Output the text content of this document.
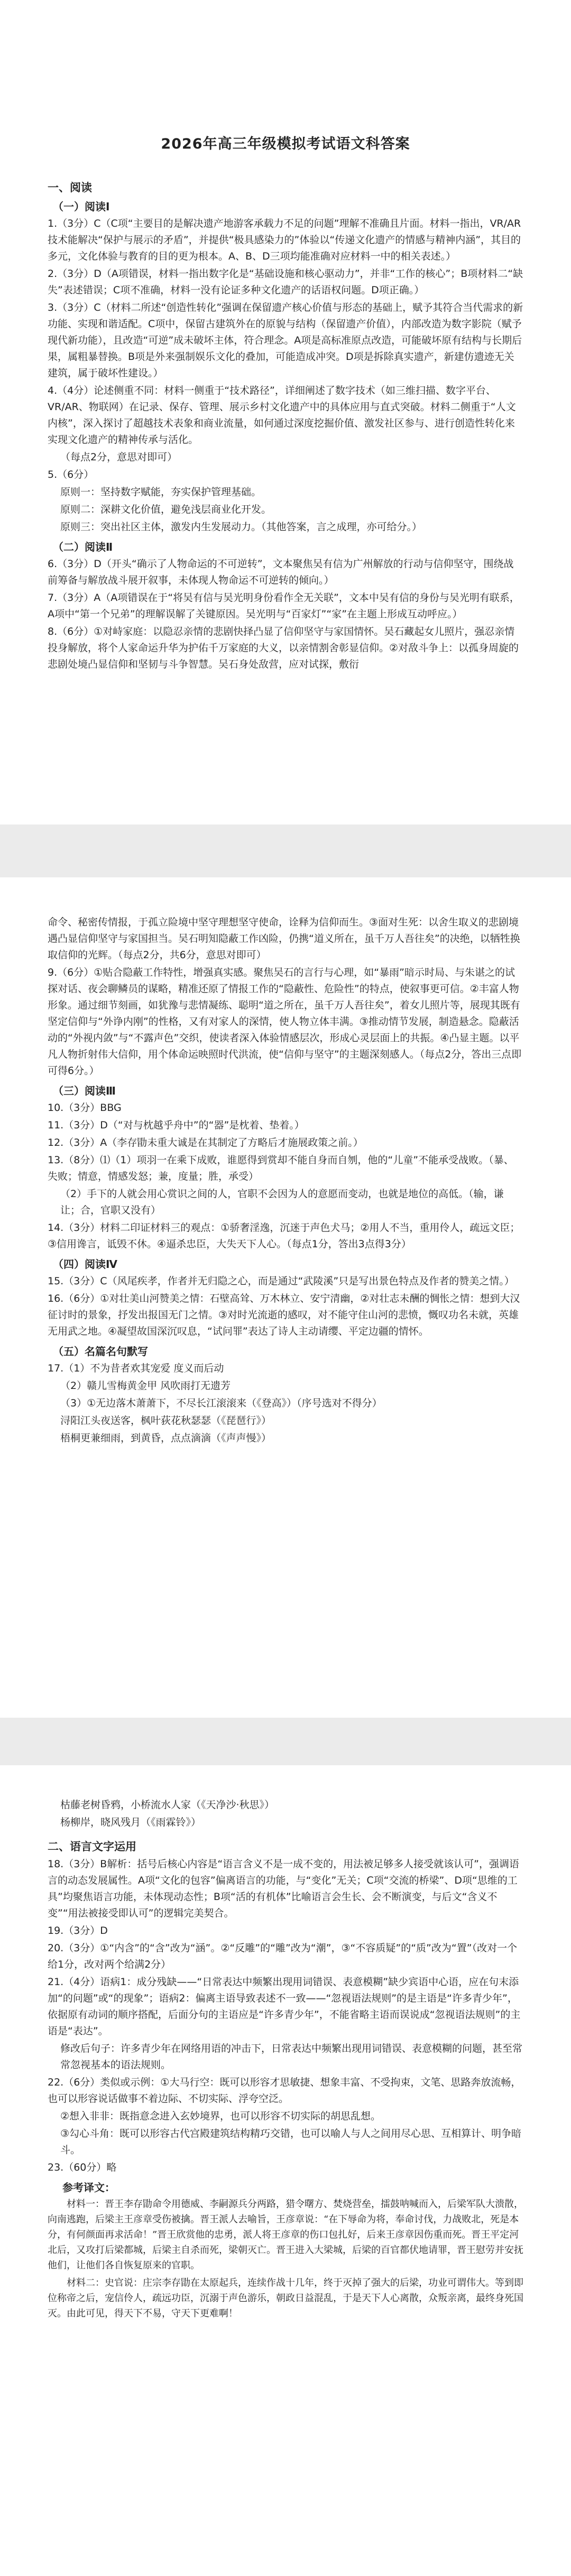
2026年高三年级模拟考试语文科答案
一、阅读
（一）阅读Ⅰ
1.（3分）C（C项“主要目的是解决遗产地游客承载力不足的问题”理解不准确且片面。材料一指出，VR/AR技术能解决“保护与展示的矛盾”，并提供“极具感染力的”体验以“传递文化遗产的情感与精神内涵”，其目的多元，文化体验与教育的目的更为根本。A、B、D三项均能准确对应材料一中的相关表述。）
2.（3分）D（A项错误，材料一指出数字化是“基础设施和核心驱动力”，并非“工作的核心”；B项材料二“缺失”表述错误；C项不准确，材料一没有论证多种文化遗产的话语权问题。D项正确。）
3.（3分）C（材料二所述“创造性转化”强调在保留遗产核心价值与形态的基础上，赋予其符合当代需求的新功能、实现和谐适配。C项中，保留古建筑外在的原貌与结构（保留遗产价值），内部改造为数字影院（赋予现代新功能），且改造“可逆”成未破坏主体，符合理念。A项是高标准原点改造，可能破坏原有结构与长期后果，属粗暴替换。B项是外来强制娱乐文化的叠加，可能造成冲突。D项是拆除真实遗产，新建仿遗迹无关建筑，属于破坏性建设。）
4.（4分）论述侧重不同：材料一侧重于“技术路径”，详细阐述了数字技术（如三维扫描、数字平台、VR/AR、物联网）在记录、保存、管理、展示乡村文化遗产中的具体应用与直式突破。材料二侧重于“人文内核”，深入探讨了超越技术表象和商业流量，如何通过深度挖掘价值、激发社区参与、进行创造性转化来实现文化遗产的精神传承与活化。
（每点2分，意思对即可）
5.（6分）
原则一：坚持数字赋能，夯实保护管理基础。
原则二：深耕文化价值，避免浅层商业化开发。
原则三：突出社区主体，激发内生发展动力。（其他答案，言之成理，亦可给分。）
（二）阅读Ⅱ
6.（3分）D（开头“确示了人物命运的不可逆转”，文本聚焦吴有信为广州解放的行动与信仰坚守，围绕战前筹备与解放战斗展开叙事，未体现人物命运不可逆转的倾向。）
7.（3分）A（A项错误在于“将吴有信与吴光明身份看作全无关联”，文本中吴有信的身份与吴光明有联系，A项中“第一个兄弟”的理解误解了关键原因。吴光明与“百家灯”“家”在主题上形成互动呼应。）
8.（6分）①对峙家庭：以隐忍亲情的悲剧快择凸显了信仰坚守与家国情怀。吴石藏起女儿照片，强忍亲情投身解放，将个人家命运升华为护佑千万家庭的大义，以亲情割舍彰显信仰。②对敌斗争上：以孤身周旋的悲剧处境凸显信仰和坚韧与斗争智慧。吴石身处敌营，应对试探，敷衍
命令、秘密传情报，于孤立险境中坚守理想坚守使命，诠释为信仰而生。③面对生死：以舍生取义的悲剧境遇凸显信仰坚守与家国担当。吴石明知隐蔽工作凶险，仍携“道义所在，虽千万人吾往矣”的决绝，以牺牲换取信仰的光辉。（每点2分，共6分，意思对即可）
9.（6分）①贴合隐蔽工作特性，增强真实感。聚焦吴石的言行与心理，如“暴雨”暗示时局、与朱谌之的试探对话、夜会聊鳞员的谋略，精准还原了情报工作的“隐蔽性、危险性”的特点，使叙事更可信。②丰富人物形象。通过细节刻画，如犹豫与悲情凝练、聪明“道之所在，虽千万人吾往矣”，着女儿照片等，展现其既有坚定信仰与“外诤内刚”的性格，又有对家人的深情，使人物立体丰满。③推动情节发展，制造悬念。隐蔽活动的“外视内敛”与“不露声色”交织，使读者深入体验情感层次，形成心灵层面上的共振。④凸显主题。以平凡人物折射伟大信仰，用个体命运映照时代洪流，使“信仰与坚守”的主题深刻感人。（每点2分，答出三点即可得6分。）
（三）阅读Ⅲ
10.（3分）BBG
11.（3分）D（“对与枕越乎舟中”的“器”是枕着、垫着。）
12.（3分）A（李存勖未重大诚是在其制定了方略后才施展政策之前。）
13.（8分）⑴（1）项羽一在乘下成败，谁愿得到赏却不能自身而自刎，他的“儿童”不能承受战败。（暴、失败；情意，情感发怒；兼，度量；胜，承受）
（2）手下的人就会用心赏识之间的人，官职不会因为人的意愿而变动，也就是地位的高低。（输，谦让；合，官职又没有）
14.（3分）材料二印证材料三的观点：①骄奢淫逸，沉迷于声色犬马；②用人不当，重用伶人，疏远文臣；③信用谗言，诋毁不休。④逼杀忠臣，大失天下人心。（每点1分，答出3点得3分）
（四）阅读Ⅳ
15.（3分）C（风尾疾孝，作者并无归隐之心，而是通过“武陵溪”只是写出景色特点及作者的赞美之情。）
16.（6分）①对壮美山河赞美之情：石壁高耸、万木林立、安宁清幽，②对壮志未酬的惆怅之情：想到大汉征讨时的景象，抒发出报国无门之情。③对时光流逝的感叹，对不能守住山河的悲愤，慨叹功名未就，英雄无用武之地。④凝望故国深沉叹息，“试问罪”表达了诗人主动请缨、平定边疆的情怀。
（五）名篇名句默写
17.（1）不为昔者欢其宠爱 度义而后动
（2）赣儿雪梅黄金甲 风吹雨打无遗芳
（3）①无边落木萧萧下，不尽长江滚滚来（《登高》）（序号选对不得分）
浔阳江头夜送客，枫叶荻花秋瑟瑟（《琵琶行》）
梧桐更兼细雨，到黄昏，点点滴滴（《声声慢》）
枯藤老树昏鸦，小桥流水人家（《天净沙·秋思》）
杨柳岸，晓风残月（《雨霖铃》）
二、语言文字运用
18.（3分）B解析：括号后核心内容是“语言含义不是一成不变的，用法被足够多人接受就该认可”，强调语言的动态发展属性。A项“文化的包容”偏离语言的功能，与“变化”无关；C项“交流的桥梁”、D项“思维的工具”均聚焦语言功能，未体现动态性；B项“活的有机体”比喻语言会生长、会不断演变，与后文“含义不变”“用法被接受即认可”的逻辑完美契合。
19.（3分）D
20.（3分）①“内含”的“含”改为“涵”。②“反雕”的“雕”改为“潮”，③“不容质疑”的“质”改为“置”（改对一个给1分，改对两个给满2分）
21.（4分）语病1：成分残缺——“日常表达中频繁出现用词错误、表意模糊”缺少宾语中心语，应在句末添加“的问题”或“的现象”；语病2：偏离主语导致表述不一致——“忽视语法规则”的是主语是“许多青少年”，依据原有动词的顺序搭配，后面分句的主语应是“许多青少年”，不能省略主语而误说成“忽视语法规则”的主语是“表达”。
修改后句子：许多青少年在网络用语的冲击下，日常表达中频繁出现用词错误、表意模糊的问题，甚至常常忽视基本的语法规则。
22.（6分）类似或示例：①大马行空：既可以形容才思敏捷、想象丰富、不受拘束，文笔、思路奔放流畅，也可以形容说话做事不着边际、不切实际、浮夸空泛。
②想入非非：既指意念进入玄妙境界，也可以形容不切实际的胡思乱想。
③勾心斗角：既可以形容古代宫殿建筑结构精巧交错，也可以喻人与人之间用尽心思、互相算计、明争暗斗。
23.（60分）略
参考译文：
材料一：晋王李存勖命令用德威、李嗣源兵分两路，猎令曙方、焚烧营垒，擂鼓呐喊而入，后梁军队大溃散，向南逃跑，后梁主王彦章受伤被擒。晋王派人去喻旨，王彦章说：“在下辱命为将，奉命讨伐，力战败北，死是本分，有何颜面再求活命！”晋王欣赏他的忠勇，派人将王彦章的伤口包扎好，后来王彦章因伤重而死。晋王平定河北后，又攻打后梁都城，后梁主自杀而死，梁朝灭亡。晋王进入大梁城，后梁的百官都伏地请罪，晋王慰劳并安抚他们，让他们各自恢复原来的官职。
材料二：史官说：庄宗李存勖在太原起兵，连续作战十几年，终于灭掉了强大的后梁，功业可谓伟大。等到即位称帝之后，宠信伶人，疏远功臣，沉溺于声色游乐，朝政日益混乱，于是天下人心离散，众叛亲离，最终身死国灭。由此可见，得天下不易，守天下更难啊！
